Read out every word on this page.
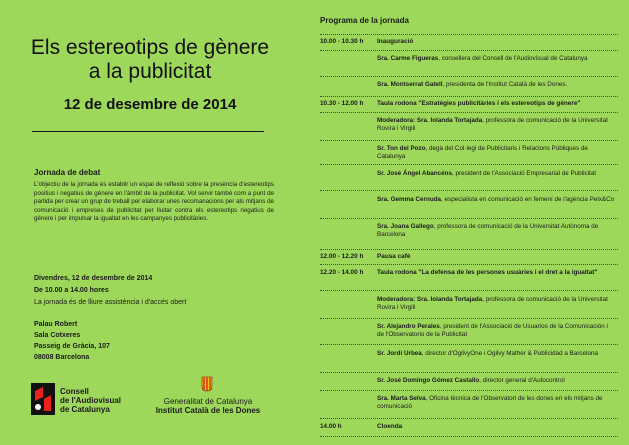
Els estereotips de gènere
a la publicitat
12 de desembre de 2014
Jornada de debat
L'objectiu de la jornada és establir un espai de reflexió sobre la presència d'estereotips positius i negatius de gènere en l'àmbit de la publicitat. Vol servir també com a punt de partida per crear un grup de treball per elaborar unes recomanacions per als mitjans de comunicació i empreses de publicitat per lluitar contra els estereotips negatius de gènere i per impulsar la igualtat en les campanyes publicitàries.
Divendres, 12 de desembre de 2014
De 10.00 a 14.00 hores
La jornada és de lliure assistència i d'accés obert
Palau Robert
Sala Cotxeres
Passeig de Gràcia, 107
08008 Barcelona
Consell
de l'Audiovisual
de Catalunya
Generalitat de Catalunya
Institut Català de les Dones
Programa de la jornada
10.00 - 10.30 h Inauguració
Sra. Carme Figueras, consellera del Consell de l'Audiovisual de Catalunya
Sra. Montserrat Gatell, presidenta de l'Institut Català de les Dones.
10.30 - 12.00 h Taula rodona "Estratègies publicitàries i els estereotips de gènere"
Moderadora: Sra. Iolanda Tortajada, professora de comunicació de la Universitat Rovira i Virgili
Sr. Ton del Pozo, degà del Col·legi de Publicitaris i Relacions Públiques de Catalunya
Sr. José Ángel Abancéns, president de l'Associació Empresarial de Publicitat
Sra. Gemma Cernuda, especialista en comunicació en femení de l'agència Pelx&Co
Sra. Joana Gallego, professora de comunicació de la Universitat Autònoma de Barcelona
12.00 - 12.20 h Pausa cafè
12.20 - 14.00 h Taula rodona "La defensa de les persones usuàries i el dret a la igualtat"
Moderadora: Sra. Iolanda Tortajada, professora de comunicació de la Universitat Rovira i Virgili
Sr. Alejandro Perales, president de l'Associació de Usuarios de la Comunicación i de l'Observatorio de la Publicitat
Sr. Jordi Urbea, director d'OgilvyOne i Ogilvy Mather & Publicidad a Barcelona
Sr. José Domingo Gómez Castallo, director general d'Autocontrol
Sra. Marta Selva, Oficina tècnica de l'Observatori de les dones en els mitjans de comunicació
14.00 h	Cloenda
